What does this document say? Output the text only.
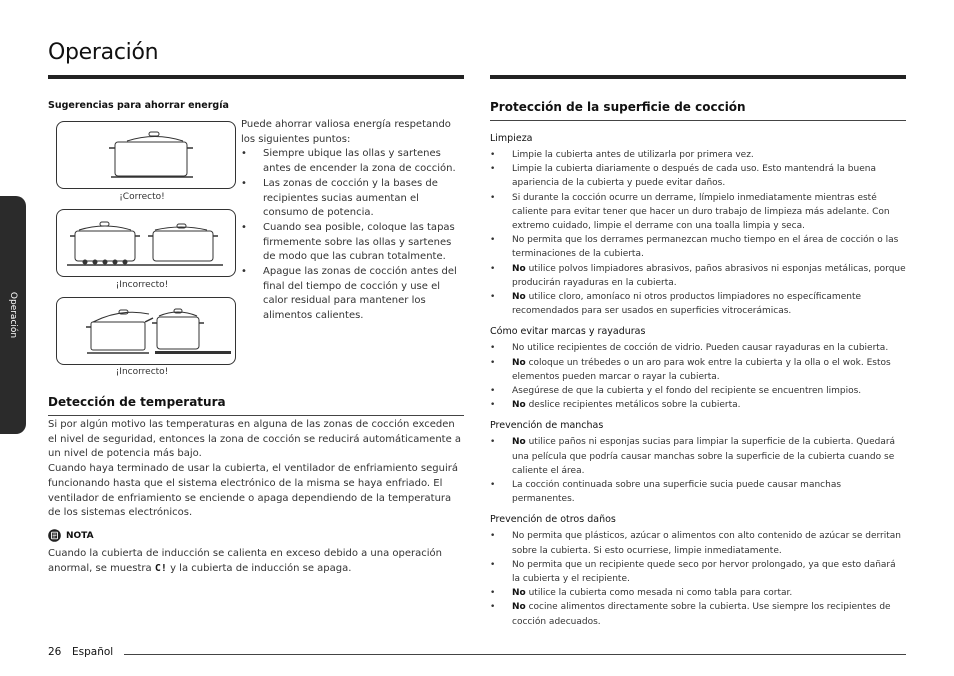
Operación
Operación
Sugerencias para ahorrar energía
¡Correcto!
¡Incorrecto!
¡Incorrecto!

Puede ahorrar valiosa energía respetando los siguientes puntos:

• Siempre ubique las ollas y sartenes antes de encender la zona de cocción.
• Las zonas de cocción y la bases de recipientes sucias aumentan el consumo de potencia.
• Cuando sea posible, coloque las tapas firmemente sobre las ollas y sartenes de modo que las cubran totalmente.
• Apague las zonas de cocción antes del final del tiempo de cocción y use el calor residual para mantener los alimentos calientes.
Detección de temperatura

Si por algún motivo las temperaturas en alguna de las zonas de cocción exceden el nivel de seguridad, entonces la zona de cocción se reducirá automáticamente a un nivel de potencia más bajo.

Cuando haya terminado de usar la cubierta, el ventilador de enfriamiento seguirá funcionando hasta que el sistema electrónico de la misma se haya enfriado. El ventilador de enfriamiento se enciende o apaga dependiendo de la temperatura de los sistemas electrónicos.

NOTA
Cuando la cubierta de inducción se calienta en exceso debido a una operación anormal, se muestra C! y la cubierta de inducción se apaga.
Protección de la superficie de cocción
Limpieza
• Limpie la cubierta antes de utilizarla por primera vez.
• Limpie la cubierta diariamente o después de cada uso. Esto mantendrá la buena apariencia de la cubierta y puede evitar daños.
• Si durante la cocción ocurre un derrame, límpielo inmediatamente mientras esté caliente para evitar tener que hacer un duro trabajo de limpieza más adelante. Con extremo cuidado, limpie el derrame con una toalla limpia y seca.
• No permita que los derrames permanezcan mucho tiempo en el área de cocción o las terminaciones de la cubierta.
• No utilice polvos limpiadores abrasivos, paños abrasivos ni esponjas metálicas, porque producirán rayaduras en la cubierta.
• No utilice cloro, amoníaco ni otros productos limpiadores no específicamente recomendados para ser usados en superficies vitrocerámicas.
Cómo evitar marcas y rayaduras
• No utilice recipientes de cocción de vidrio. Pueden causar rayaduras en la cubierta.
• No coloque un trébedes o un aro para wok entre la cubierta y la olla o el wok. Estos elementos pueden marcar o rayar la cubierta.
• Asegúrese de que la cubierta y el fondo del recipiente se encuentren limpios.
• No deslice recipientes metálicos sobre la cubierta.
Prevención de manchas
• No utilice paños ni esponjas sucias para limpiar la superficie de la cubierta. Quedará una película que podría causar manchas sobre la superficie de la cubierta cuando se caliente el área.
• La cocción continuada sobre una superficie sucia puede causar manchas permanentes.
Prevención de otros daños
• No permita que plásticos, azúcar o alimentos con alto contenido de azúcar se derritan sobre la cubierta. Si esto ocurriese, limpie inmediatamente.
• No permita que un recipiente quede seco por hervor prolongado, ya que esto dañará la cubierta y el recipiente.
• No utilice la cubierta como mesada ni como tabla para cortar.
• No cocine alimentos directamente sobre la cubierta. Use siempre los recipientes de cocción adecuados.
26 Español
